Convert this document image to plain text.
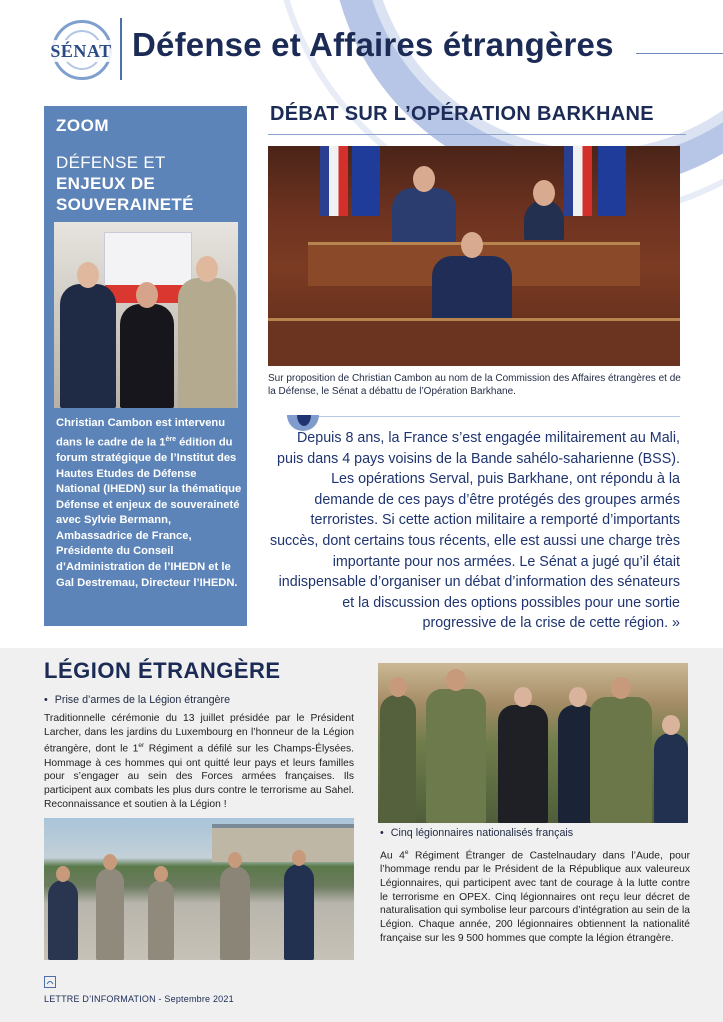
SÉNAT Défense et Affaires étrangères
ZOOM
DÉFENSE ET
ENJEUX DE SOUVERAINETÉ

Christian Cambon est intervenu dans le cadre de la 1ère édition du forum stratégique de l’Institut des Hautes Etudes de Défense National (IHEDN) sur la thématique Défense et enjeux de souveraineté avec Sylvie Bermann, Ambassadrice de France, Présidente du Conseil d’Administration de l’IHEDN et le Gal Destremau, Directeur l’IHEDN.

DÉBAT SUR L’OPÉRATION BARKHANE

Sur proposition de Christian Cambon au nom de la Commission des Affaires étrangères et de la Défense, le Sénat a débattu de l’Opération Barkhane.

Depuis 8 ans, la France s’est engagée militairement au Mali, puis dans 4 pays voisins de la Bande sahélo-saharienne (BSS). Les opérations Serval, puis Barkhane, ont répondu à la demande de ces pays d’être protégés des groupes armés terroristes. Si cette action militaire a remporté d’importants succès, dont certains tous récents, elle est aussi une charge très importante pour nos armées. Le Sénat a jugé qu’il était indispensable d’organiser un débat d’information des sénateurs et la discussion des options possibles pour une sortie progressive de la crise de cette région. »

LÉGION ÉTRANGÈRE
• Prise d’armes de la Légion étrangère

Traditionnelle cérémonie du 13 juillet présidée par le Président Larcher, dans les jardins du Luxembourg en l’honneur de la Légion étrangère, dont le 1er Régiment a défilé sur les Champs-Élysées. Hommage à ces hommes qui ont quitté leur pays et leurs familles pour s’engager au sein des Forces armées françaises. Ils participent aux combats les plus durs contre le terrorisme au Sahel. Reconnaissance et soutien à la Légion !

• Cinq légionnaires nationalisés français

Au 4e Régiment Étranger de Castelnaudary dans l’Aude, pour l’hommage rendu par le Président de la République aux valeureux Légionnaires, qui participent avec tant de courage à la lutte contre le terrorisme en OPEX. Cinq légionnaires ont reçu leur décret de naturalisation qui symbolise leur parcours d’intégration au sein de la Légion. Chaque année, 200 légionnaires obtiennent la nationalité française sur les 9 500 hommes que compte la légion étrangère.

LETTRE D’INFORMATION - Septembre 2021
